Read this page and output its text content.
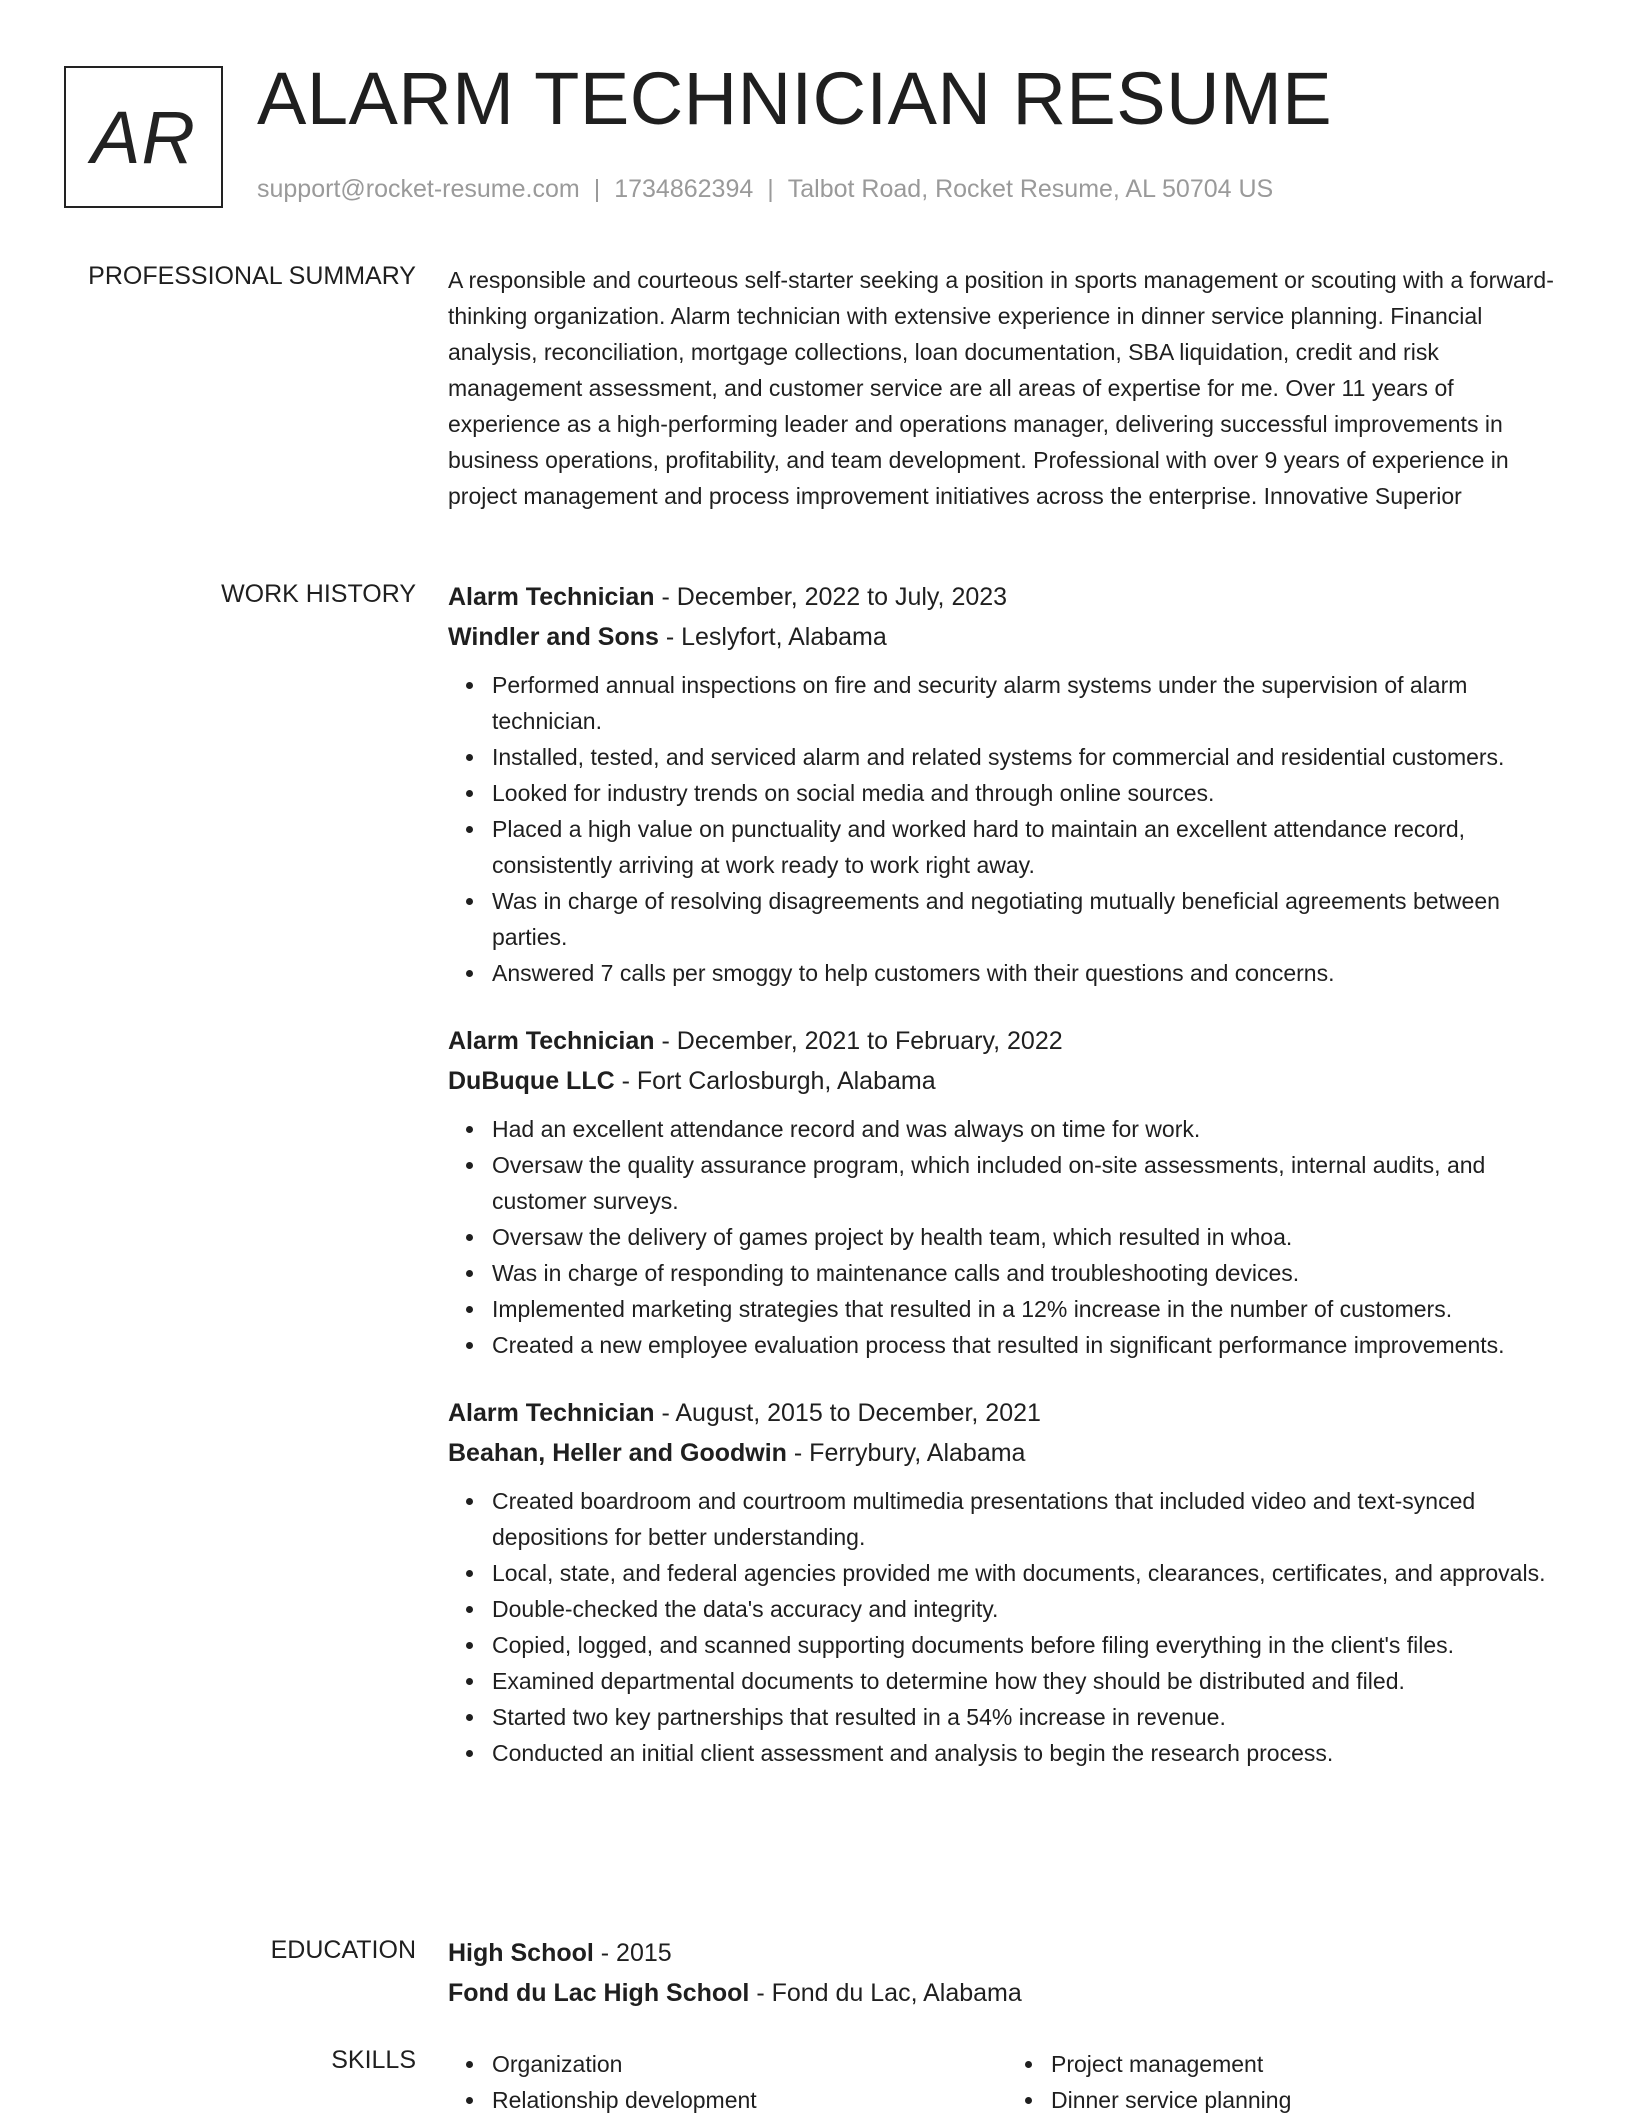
AR ALARM TECHNICIAN RESUME
support@rocket-resume.com | 1734862394 | Talbot Road, Rocket Resume, AL 50704 US
PROFESSIONAL SUMMARY A responsible and courteous self-starter seeking a position in sports management or scouting with a forward-thinking organization. Alarm technician with extensive experience in dinner service planning. Financial analysis, reconciliation, mortgage collections, loan documentation, SBA liquidation, credit and risk management assessment, and customer service are all areas of expertise for me. Over 11 years of experience as a high-performing leader and operations manager, delivering successful improvements in business operations, profitability, and team development. Professional with over 9 years of experience in project management and process improvement initiatives across the enterprise. Innovative Superior

WORK HISTORY Alarm Technician - December, 2022 to July, 2023
Windler and Sons - Leslyfort, Alabama
Performed annual inspections on fire and security alarm systems under the supervision of alarm technician.
Installed, tested, and serviced alarm and related systems for commercial and residential customers.
Looked for industry trends on social media and through online sources.
Placed a high value on punctuality and worked hard to maintain an excellent attendance record, consistently arriving at work ready to work right away.
Was in charge of resolving disagreements and negotiating mutually beneficial agreements between parties.
Answered 7 calls per smoggy to help customers with their questions and concerns.
Alarm Technician - December, 2021 to February, 2022
DuBuque LLC - Fort Carlosburgh, Alabama
Had an excellent attendance record and was always on time for work.
Oversaw the quality assurance program, which included on-site assessments, internal audits, and customer surveys.
Oversaw the delivery of games project by health team, which resulted in whoa.
Was in charge of responding to maintenance calls and troubleshooting devices.
Implemented marketing strategies that resulted in a 12% increase in the number of customers.
Created a new employee evaluation process that resulted in significant performance improvements.
Alarm Technician - August, 2015 to December, 2021
Beahan, Heller and Goodwin - Ferrybury, Alabama
Created boardroom and courtroom multimedia presentations that included video and text-synced depositions for better understanding.
Local, state, and federal agencies provided me with documents, clearances, certificates, and approvals.
Double-checked the data's accuracy and integrity.
Copied, logged, and scanned supporting documents before filing everything in the client's files.
Examined departmental documents to determine how they should be distributed and filed.
Started two key partnerships that resulted in a 54% increase in revenue.
Conducted an initial client assessment and analysis to begin the research process.
EDUCATION High School - 2015
Fond du Lac High School - Fond du Lac, Alabama
SKILLS	Organization
Relationship development
Project management
Dinner service planning
